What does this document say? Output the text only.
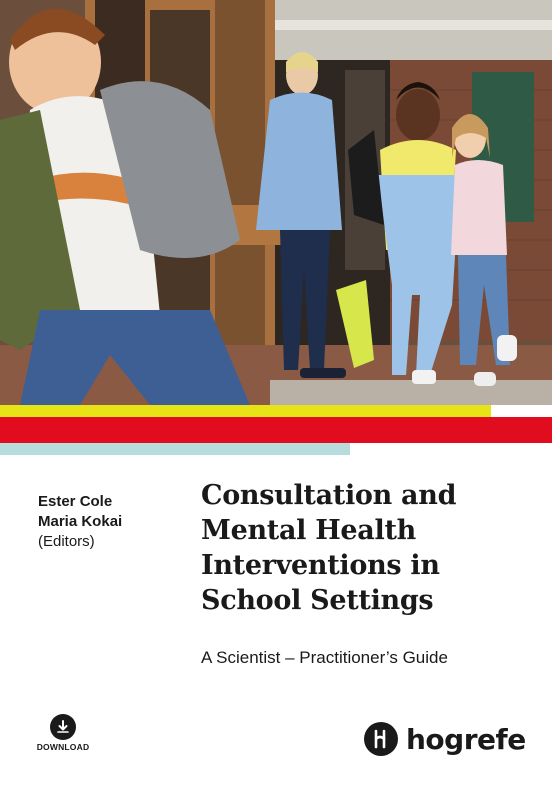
Ester Cole
Maria Kokai
(Editors)
Consultation and
Mental Health
Interventions in
School Settings
A Scientist – Practitioner’s Guide
DOWNLOAD	hogrefe
